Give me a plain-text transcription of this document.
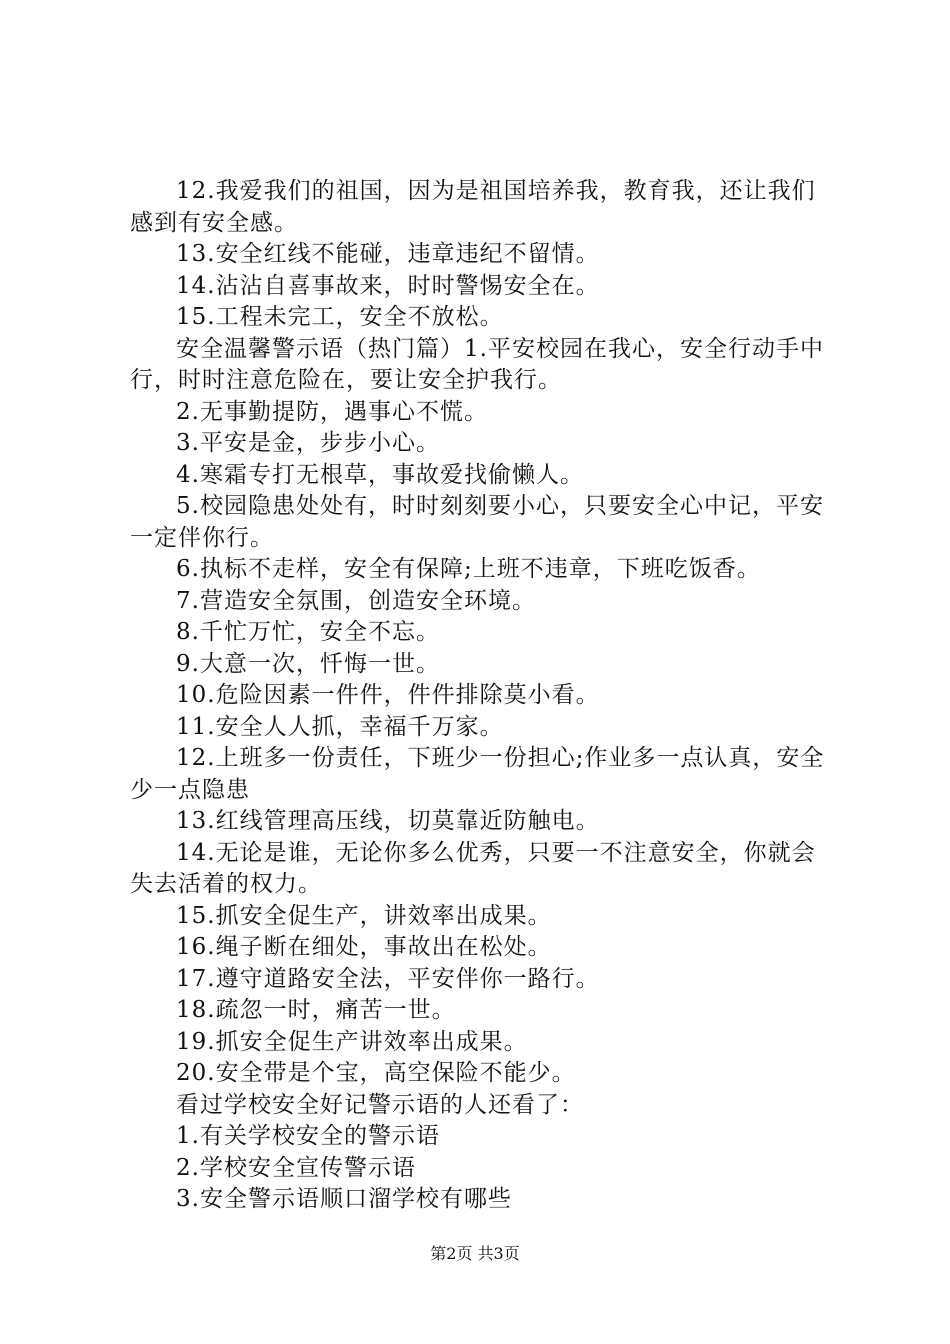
12.我爱我们的祖国，因为是祖国培养我，教育我，还让我们感到有安全感。

13.安全红线不能碰，违章违纪不留情。

14.沾沾自喜事故来，时时警惕安全在。

15.工程未完工，安全不放松。

安全温馨警示语（热门篇）1.平安校园在我心，安全行动手中行，时时注意危险在，要让安全护我行。

2.无事勤提防，遇事心不慌。

3.平安是金，步步小心。

4.寒霜专打无根草，事故爱找偷懒人。

5.校园隐患处处有，时时刻刻要小心，只要安全心中记，平安一定伴你行。

6.执标不走样，安全有保障;上班不违章，下班吃饭香。

7.营造安全氛围，创造安全环境。

8.千忙万忙，安全不忘。

9.大意一次，忏悔一世。

10.危险因素一件件，件件排除莫小看。

11.安全人人抓，幸福千万家。

12.上班多一份责任，下班少一份担心;作业多一点认真，安全少一点隐患

13.红线管理高压线，切莫靠近防触电。

14.无论是谁，无论你多么优秀，只要一不注意安全，你就会失去活着的权力。

15.抓安全促生产，讲效率出成果。

16.绳子断在细处，事故出在松处。

17.遵守道路安全法，平安伴你一路行。

18.疏忽一时，痛苦一世。

19.抓安全促生产讲效率出成果。

20.安全带是个宝，高空保险不能少。

看过学校安全好记警示语的人还看了：

1.有关学校安全的警示语

2.学校安全宣传警示语

3.安全警示语顺口溜学校有哪些

第2页 共3页
